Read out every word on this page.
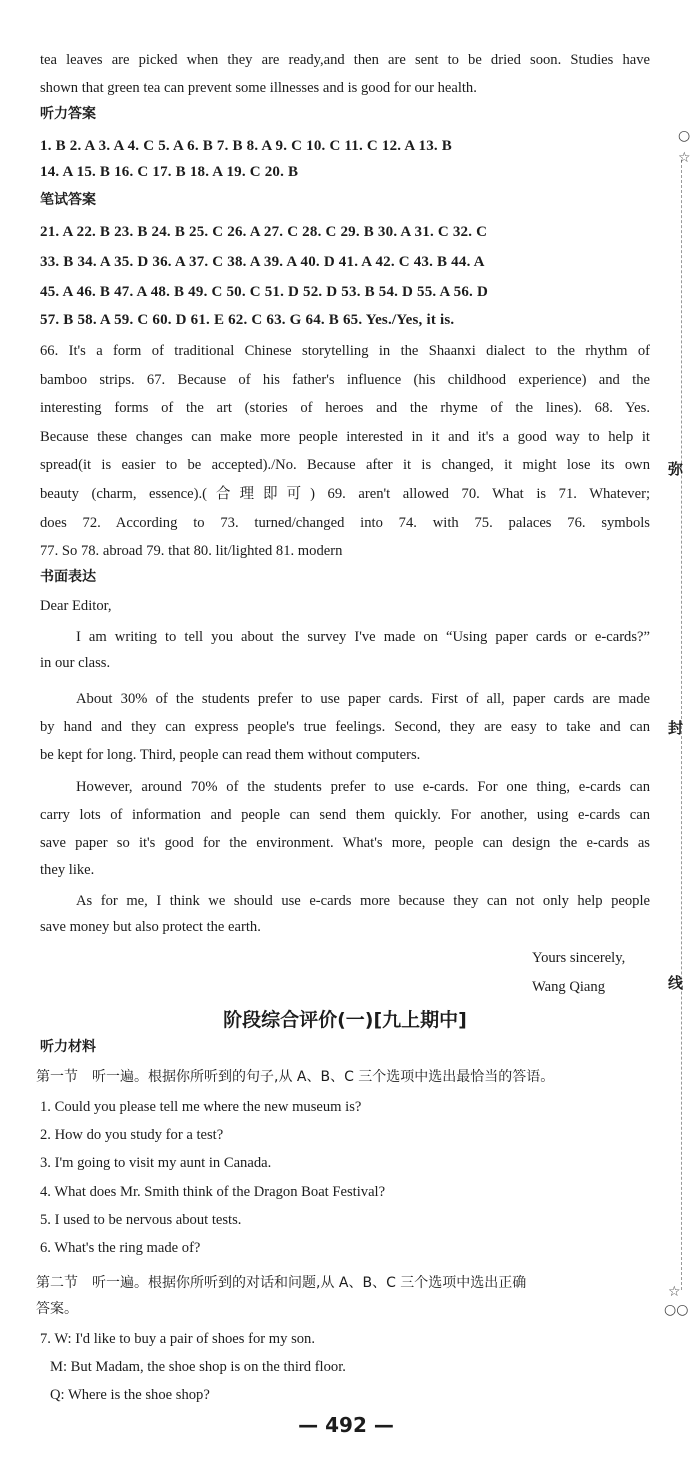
○
☆
弥
封
线
☆
○○
tea leaves are picked when they are ready,and then are sent to be dried soon. Studies have
shown that green tea can prevent some illnesses and is good for our health.
听力答案
1. B 2. A 3. A 4. C 5. A 6. B 7. B 8. A 9. C 10. C 11. C 12. A 13. B
14. A 15. B 16. C 17. B 18. A 19. C 20. B
笔试答案
21. A 22. B 23. B 24. B 25. C 26. A 27. C 28. C 29. B 30. A 31. C 32. C
33. B 34. A 35. D 36. A 37. C 38. A 39. A 40. D 41. A 42. C 43. B 44. A
45. A 46. B 47. A 48. B 49. C 50. C 51. D 52. D 53. B 54. D 55. A 56. D
57. B 58. A 59. C 60. D 61. E 62. C 63. G 64. B 65. Yes./Yes, it is.
66. It's a form of traditional Chinese storytelling in the Shaanxi dialect to the rhythm of
bamboo strips. 67. Because of his father's influence (his childhood experience) and the
interesting forms of the art (stories of heroes and the rhyme of the lines). 68. Yes.
Because these changes can make more people interested in it and it's a good way to help it
spread(it is easier to be accepted)./No. Because after it is changed, it might lose its own
beauty (charm, essence).(合理即可) 69. aren't allowed 70. What is 71. Whatever;
does 72. According to 73. turned/changed into 74. with 75. palaces 76. symbols
77. So 78. abroad 79. that 80. lit/lighted 81. modern
书面表达
Dear Editor,
I am writing to tell you about the survey I've made on “Using paper cards or e-cards?”
in our class.
About 30% of the students prefer to use paper cards. First of all, paper cards are made
by hand and they can express people's true feelings. Second, they are easy to take and can
be kept for long. Third, people can read them without computers.
However, around 70% of the students prefer to use e-cards. For one thing, e-cards can
carry lots of information and people can send them quickly. For another, using e-cards can
save paper so it's good for the environment. What's more, people can design the e-cards as
they like.
As for me, I think we should use e-cards more because they can not only help people
save money but also protect the earth.
Yours sincerely,
Wang Qiang
阶段综合评价(一)[九上期中]
听力材料
第一节　听一遍。根据你所听到的句子,从 A、B、C 三个选项中选出最恰当的答语。
1. Could you please tell me where the new museum is?
2. How do you study for a test?
3. I'm going to visit my aunt in Canada.
4. What does Mr. Smith think of the Dragon Boat Festival?
5. I used to be nervous about tests.
6. What's the ring made of?
第二节　听一遍。根据你所听到的对话和问题,从 A、B、C 三个选项中选出正确
答案。
7. W: I'd like to buy a pair of shoes for my son.
M: But Madam, the shoe shop is on the third floor.
Q: Where is the shoe shop?
— 492 —
